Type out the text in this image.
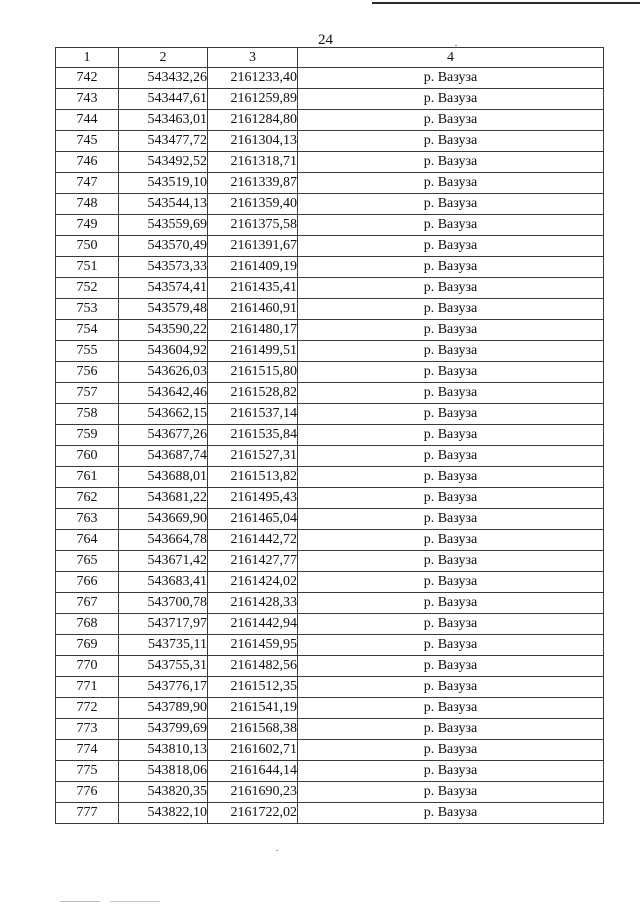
24
1	2	3	4
742	543432,26	2161233,40	р. Вазуза
743	543447,61	2161259,89	р. Вазуза
744	543463,01	2161284,80	р. Вазуза
745	543477,72	2161304,13	р. Вазуза
746	543492,52	2161318,71	р. Вазуза
747	543519,10	2161339,87	р. Вазуза
748	543544,13	2161359,40	р. Вазуза
749	543559,69	2161375,58	р. Вазуза
750	543570,49	2161391,67	р. Вазуза
751	543573,33	2161409,19	р. Вазуза
752	543574,41	2161435,41	р. Вазуза
753	543579,48	2161460,91	р. Вазуза
754	543590,22	2161480,17	р. Вазуза
755	543604,92	2161499,51	р. Вазуза
756	543626,03	2161515,80	р. Вазуза
757	543642,46	2161528,82	р. Вазуза
758	543662,15	2161537,14	р. Вазуза
759	543677,26	2161535,84	р. Вазуза
760	543687,74	2161527,31	р. Вазуза
761	543688,01	2161513,82	р. Вазуза
762	543681,22	2161495,43	р. Вазуза
763	543669,90	2161465,04	р. Вазуза
764	543664,78	2161442,72	р. Вазуза
765	543671,42	2161427,77	р. Вазуза
766	543683,41	2161424,02	р. Вазуза
767	543700,78	2161428,33	р. Вазуза
768	543717,97	2161442,94	р. Вазуза
769	543735,11	2161459,95	р. Вазуза
770	543755,31	2161482,56	р. Вазуза
771	543776,17	2161512,35	р. Вазуза
772	543789,90	2161541,19	р. Вазуза
773	543799,69	2161568,38	р. Вазуза
774	543810,13	2161602,71	р. Вазуза
775	543818,06	2161644,14	р. Вазуза
776	543820,35	2161690,23	р. Вазуза
777	543822,10	2161722,02	р. Вазуза
